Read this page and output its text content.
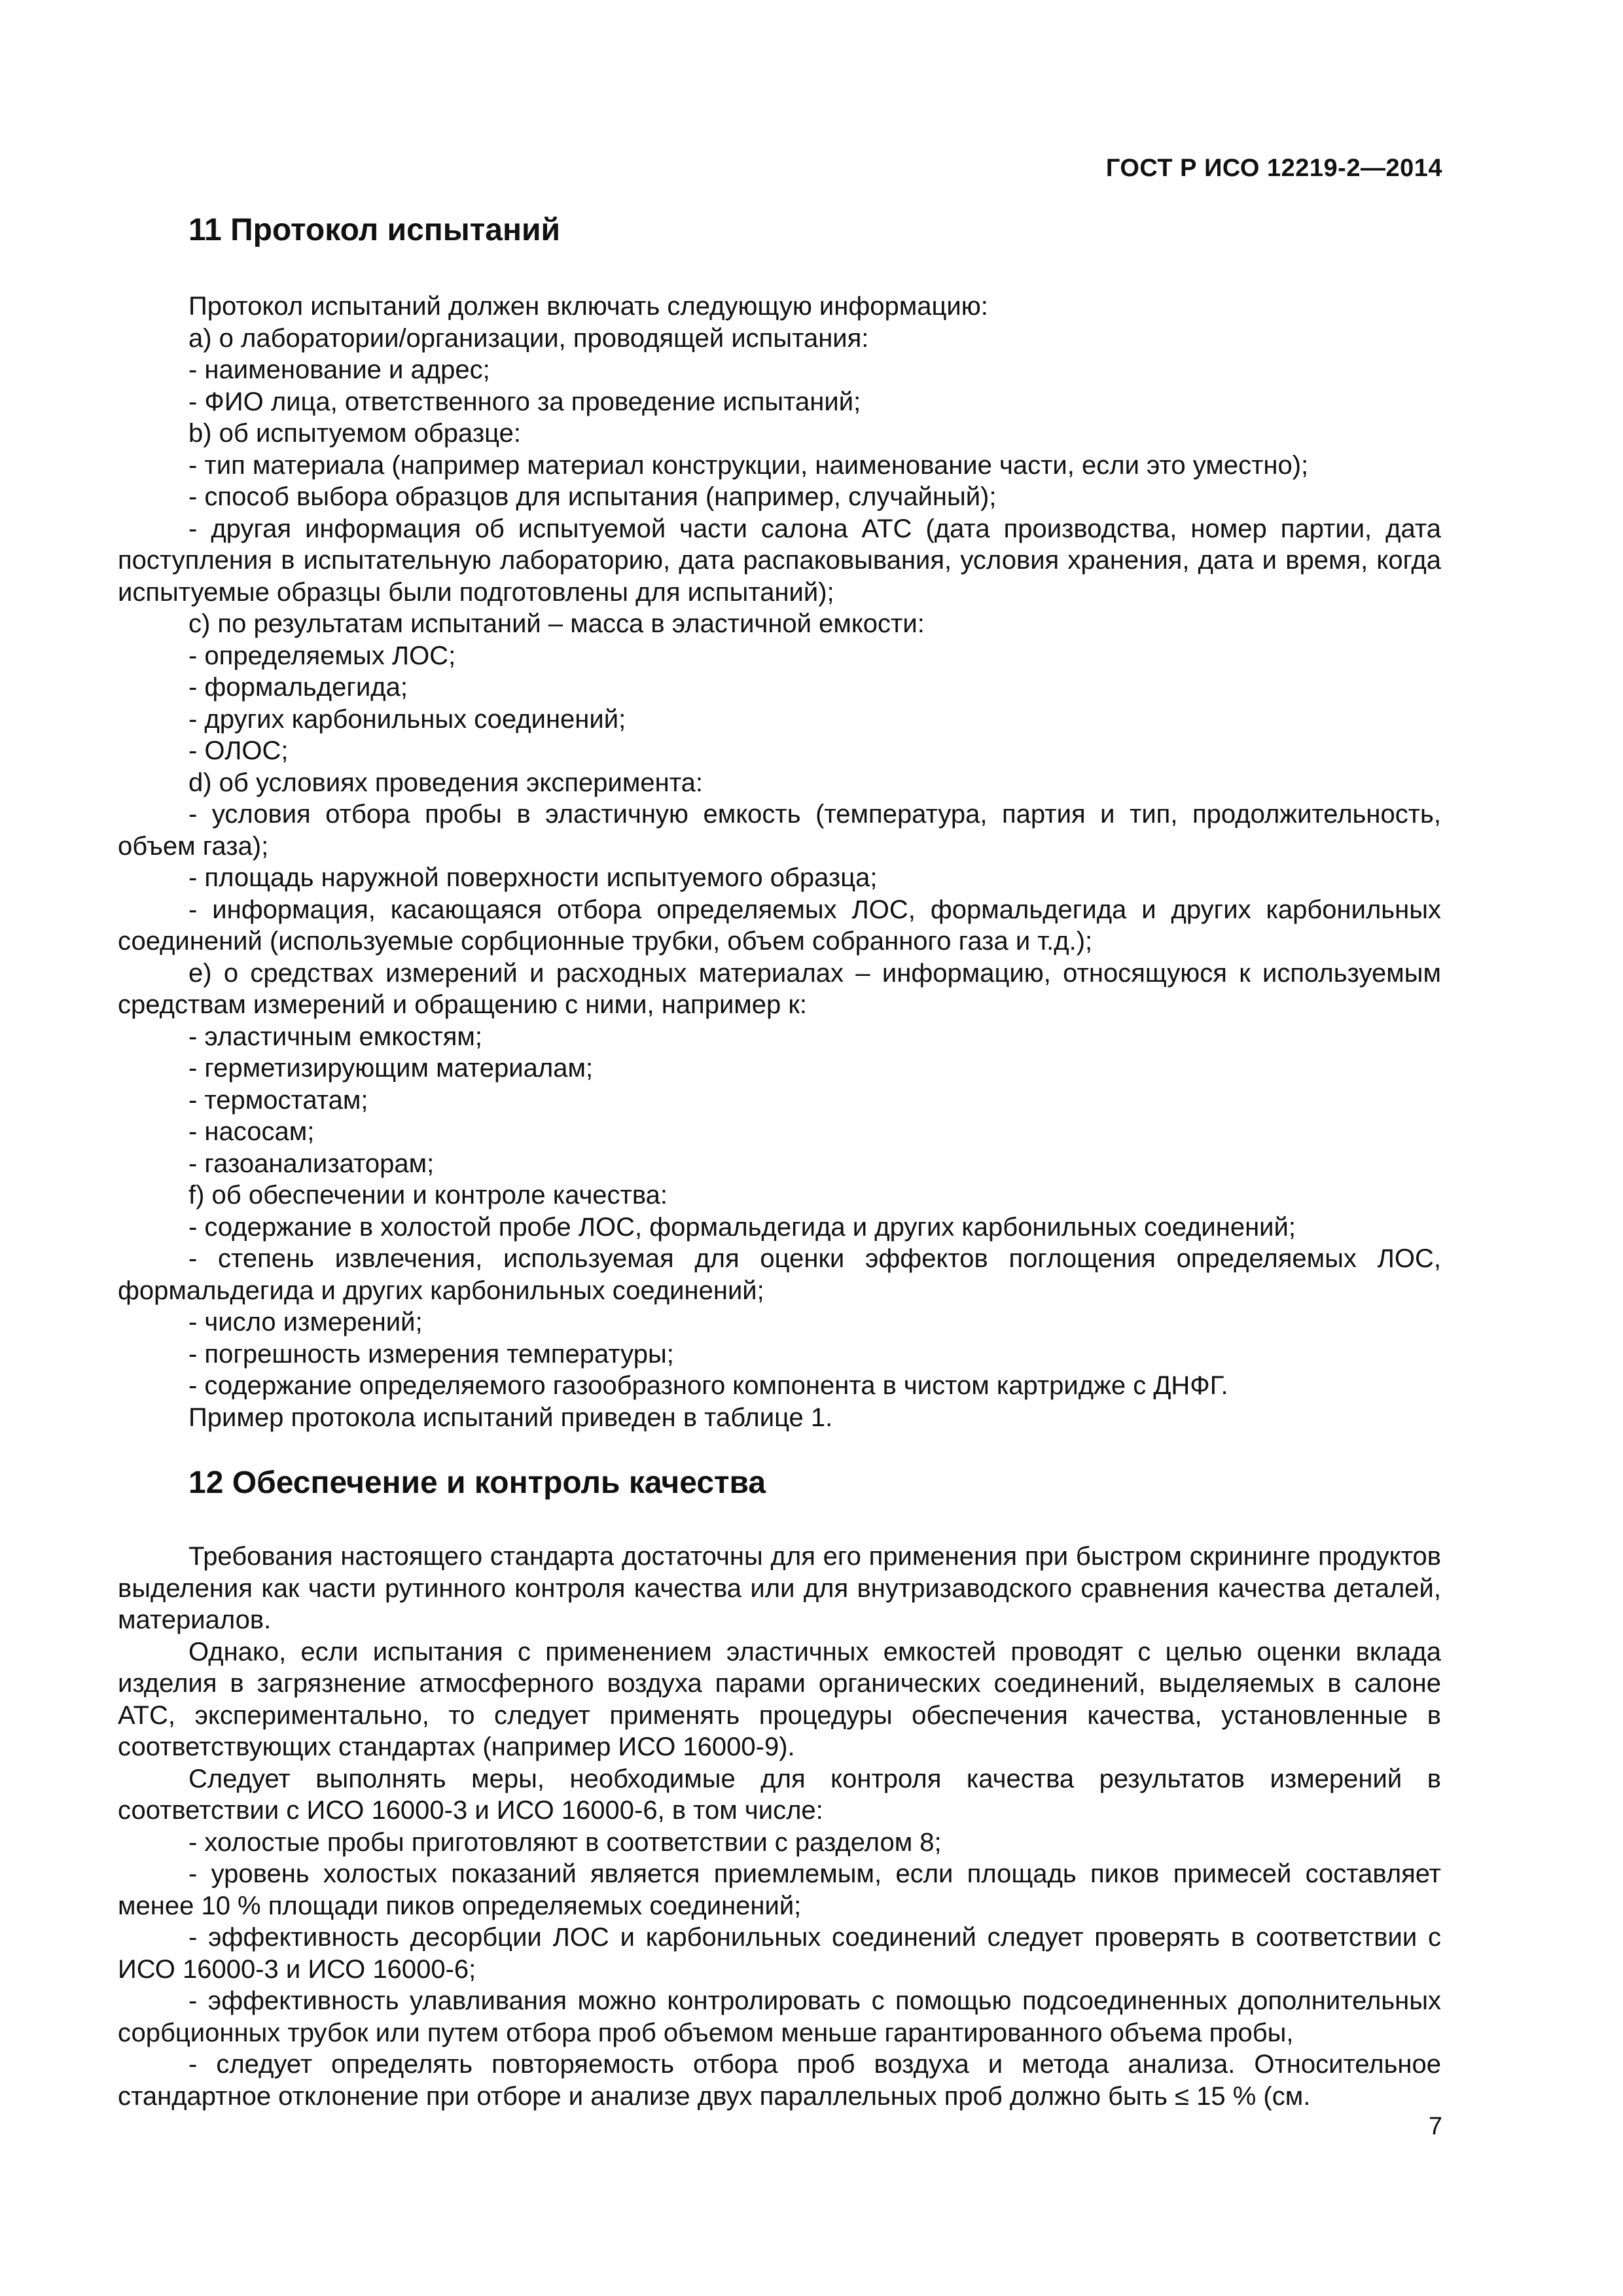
ГОСТ Р ИСО 12219-2—2014
11 Протокол испытаний

Протокол испытаний должен включать следующую информацию:

a) о лаборатории/организации, проводящей испытания:

- наименование и адрес;

- ФИО лица, ответственного за проведение испытаний;

b) об испытуемом образце:

- тип материала (например материал конструкции, наименование части, если это уместно);

- способ выбора образцов для испытания (например, случайный);

- другая информация об испытуемой части салона АТС (дата производства, номер партии, дата поступления в испытательную лабораторию, дата распаковывания, условия хранения, дата и время, когда испытуемые образцы были подготовлены для испытаний);

c) по результатам испытаний – масса в эластичной емкости:

- определяемых ЛОС;

- формальдегида;

- других карбонильных соединений;

- ОЛОС;

d) об условиях проведения эксперимента:

- условия отбора пробы в эластичную емкость (температура, партия и тип, продолжительность, объем газа);

- площадь наружной поверхности испытуемого образца;

- информация, касающаяся отбора определяемых ЛОС, формальдегида и других карбонильных соединений (используемые сорбционные трубки, объем собранного газа и т.д.);

e) о средствах измерений и расходных материалах – информацию, относящуюся к используемым средствам измерений и обращению с ними, например к:

- эластичным емкостям;

- герметизирующим материалам;

- термостатам;

- насосам;

- газоанализаторам;

f) об обеспечении и контроле качества:

- содержание в холостой пробе ЛОС, формальдегида и других карбонильных соединений;

- степень извлечения, используемая для оценки эффектов поглощения определяемых ЛОС, формальдегида и других карбонильных соединений;

- число измерений;

- погрешность измерения температуры;

- содержание определяемого газообразного компонента в чистом картридже с ДНФГ.

Пример протокола испытаний приведен в таблице 1.

12 Обеспечение и контроль качества

Требования настоящего стандарта достаточны для его применения при быстром скрининге продуктов выделения как части рутинного контроля качества или для внутризаводского сравнения качества деталей, материалов.

Однако, если испытания с применением эластичных емкостей проводят с целью оценки вклада изделия в загрязнение атмосферного воздуха парами органических соединений, выделяемых в салоне АТС, экспериментально, то следует применять процедуры обеспечения качества, установленные в соответствующих стандартах (например ИСО 16000-9).

Следует выполнять меры, необходимые для контроля качества результатов измерений в соответствии с ИСО 16000-3 и ИСО 16000-6, в том числе:

- холостые пробы приготовляют в соответствии с разделом 8;

- уровень холостых показаний является приемлемым, если площадь пиков примесей составляет менее 10 % площади пиков определяемых соединений;

- эффективность десорбции ЛОС и карбонильных соединений следует проверять в соответствии с ИСО 16000-3 и ИСО 16000-6;

- эффективность улавливания можно контролировать с помощью подсоединенных дополнительных сорбционных трубок или путем отбора проб объемом меньше гарантированного объема пробы,

- следует определять повторяемость отбора проб воздуха и метода анализа. Относительное стандартное отклонение при отборе и анализе двух параллельных проб должно быть ≤ 15 % (см.

7
